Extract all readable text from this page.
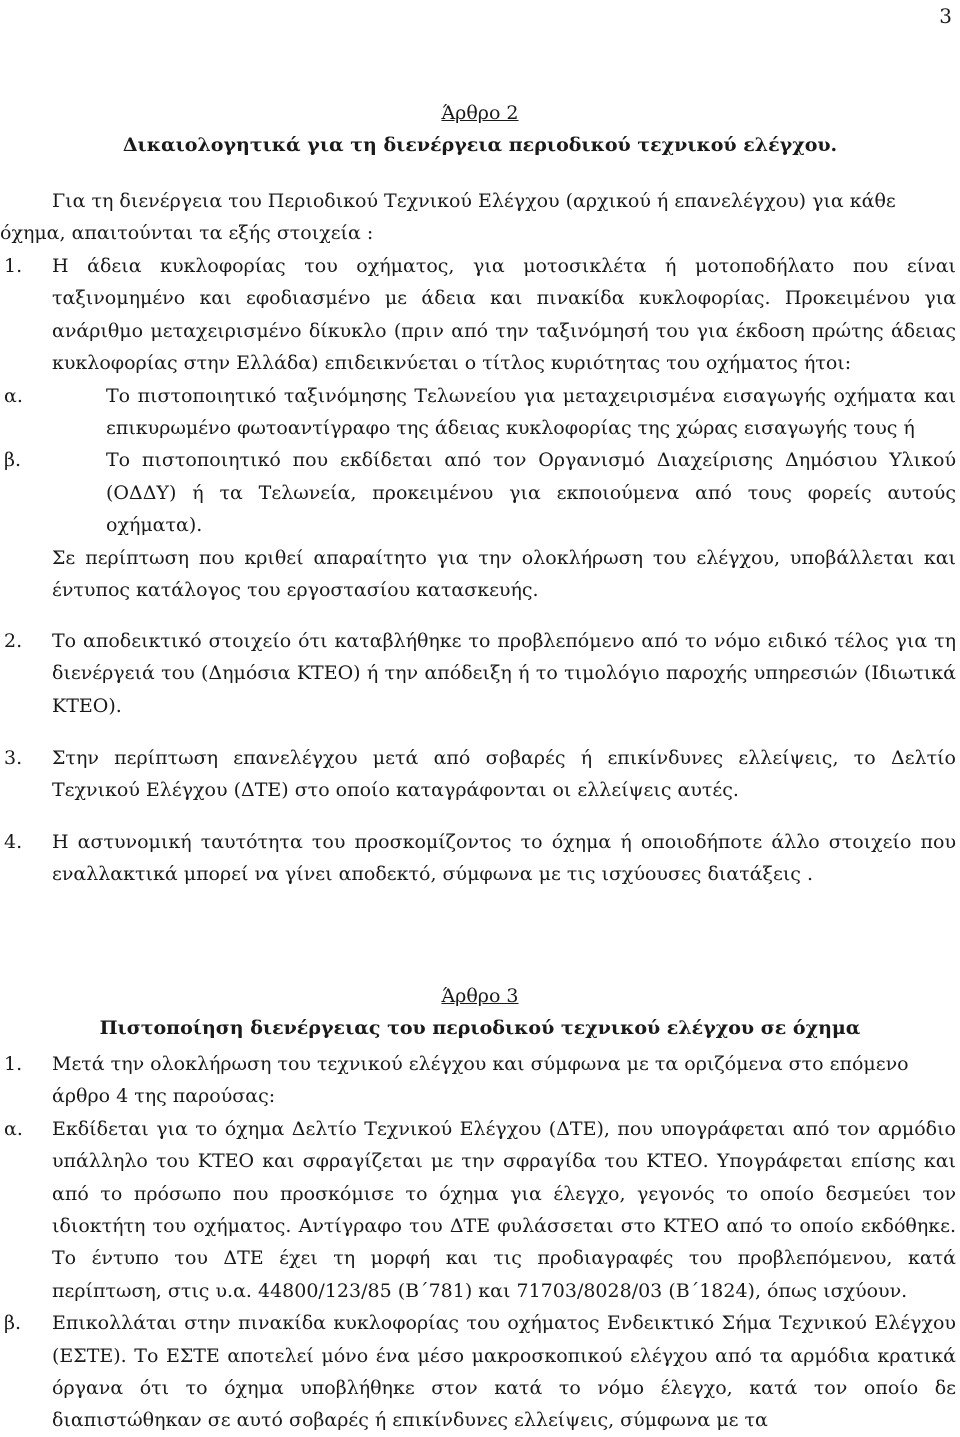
3
Άρθρο 2
Δικαιολογητικά για τη διενέργεια περιοδικού τεχνικού ελέγχου.
Για τη διενέργεια του Περιοδικού Τεχνικού Ελέγχου (αρχικού ή επανελέγχου) για κάθε
όχημα, απαιτούνται τα εξής στοιχεία :
1.	Η άδεια κυκλοφορίας του οχήματος, για μοτοσικλέτα ή μοτοποδήλατο που είναι ταξινομημένο και εφοδιασμένο με άδεια και πινακίδα κυκλοφορίας. Προκειμένου για ανάριθμο μεταχειρισμένο δίκυκλο (πριν από την ταξινόμησή του για έκδοση πρώτης άδειας κυκλοφορίας στην Ελλάδα) επιδεικνύεται ο τίτλος κυριότητας του οχήματος ήτοι:
α.	Το πιστοποιητικό ταξινόμησης Τελωνείου για μεταχειρισμένα εισαγωγής οχήματα και επικυρωμένο φωτοαντίγραφο της άδειας κυκλοφορίας της χώρας εισαγωγής τους ή
β.	Το πιστοποιητικό που εκδίδεται από τον Οργανισμό Διαχείρισης Δημόσιου Υλικού (ΟΔΔΥ) ή τα Τελωνεία, προκειμένου για εκποιούμενα από τους φορείς αυτούς οχήματα).
Σε περίπτωση που κριθεί απαραίτητο για την ολοκλήρωση του ελέγχου, υποβάλλεται και έντυπος κατάλογος του εργοστασίου κατασκευής.
2.	Το αποδεικτικό στοιχείο ότι καταβλήθηκε το προβλεπόμενο από το νόμο ειδικό τέλος για τη διενέργειά του (Δημόσια ΚΤΕΟ) ή την απόδειξη ή το τιμολόγιο παροχής υπηρεσιών (Ιδιωτικά ΚΤΕΟ).
3.	Στην περίπτωση επανελέγχου μετά από σοβαρές ή επικίνδυνες ελλείψεις, το Δελτίο Τεχνικού Ελέγχου (ΔΤΕ) στο οποίο καταγράφονται οι ελλείψεις αυτές.
4.	Η αστυνομική ταυτότητα του προσκομίζοντος το όχημα ή οποιοδήποτε άλλο στοιχείο που εναλλακτικά μπορεί να γίνει αποδεκτό, σύμφωνα με τις ισχύουσες διατάξεις .
Άρθρο 3
Πιστοποίηση διενέργειας του περιοδικού τεχνικού ελέγχου σε όχημα
1.	Μετά την ολοκλήρωση του τεχνικού ελέγχου και σύμφωνα με τα οριζόμενα στο επόμενο άρθρο 4 της παρούσας:
α.	Εκδίδεται για το όχημα Δελτίο Τεχνικού Ελέγχου (ΔΤΕ), που υπογράφεται από τον αρμόδιο υπάλληλο του ΚΤΕΟ και σφραγίζεται με την σφραγίδα του ΚΤΕΟ. Υπογράφεται επίσης και από το πρόσωπο που προσκόμισε το όχημα για έλεγχο, γεγονός το οποίο δεσμεύει τον ιδιοκτήτη του οχήματος. Αντίγραφο του ΔΤΕ φυλάσσεται στο ΚΤΕΟ από το οποίο εκδόθηκε. Το έντυπο του ΔΤΕ έχει τη μορφή και τις προδιαγραφές του προβλεπόμενου, κατά περίπτωση, στις υ.α. 44800/123/85 (Β΄781) και 71703/8028/03 (Β΄1824), όπως ισχύουν.
β.	Επικολλάται στην πινακίδα κυκλοφορίας του οχήματος Ενδεικτικό Σήμα Τεχνικού Ελέγχου (ΕΣΤΕ). Το ΕΣΤΕ αποτελεί μόνο ένα μέσο μακροσκοπικού ελέγχου από τα αρμόδια κρατικά όργανα ότι το όχημα υποβλήθηκε στον κατά το νόμο έλεγχο, κατά τον οποίο δε διαπιστώθηκαν σε αυτό σοβαρές ή επικίνδυνες ελλείψεις, σύμφωνα με τα
